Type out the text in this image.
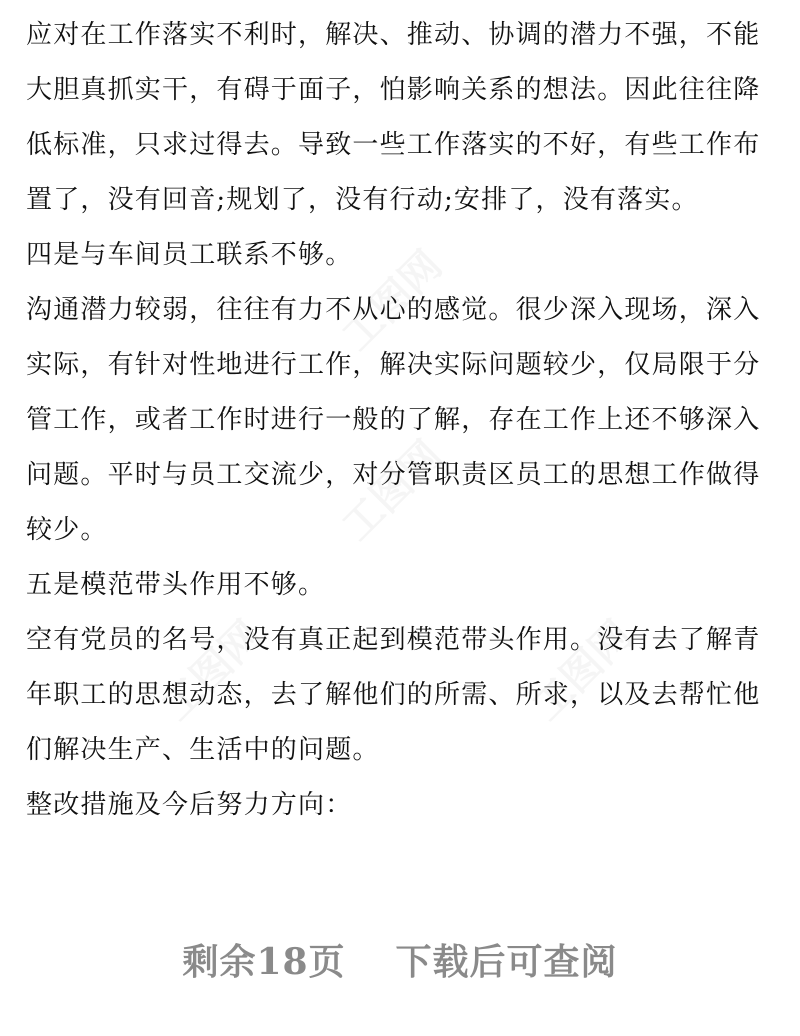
工图网
工图网
工图网	工图网
应对在工作落实不利时，解决、推动、协调的潜力不强，不能
大胆真抓实干，有碍于面子，怕影响关系的想法。因此往往降
低标准，只求过得去。导致一些工作落实的不好，有些工作布
置了，没有回音;规划了，没有行动;安排了，没有落实。
四是与车间员工联系不够。
沟通潜力较弱，往往有力不从心的感觉。很少深入现场，深入
实际，有针对性地进行工作，解决实际问题较少，仅局限于分
管工作，或者工作时进行一般的了解，存在工作上还不够深入
问题。平时与员工交流少，对分管职责区员工的思想工作做得
较少。
五是模范带头作用不够。
空有党员的名号，没有真正起到模范带头作用。没有去了解青
年职工的思想动态，去了解他们的所需、所求，以及去帮忙他
们解决生产、生活中的问题。
整改措施及今后努力方向：
剩余18页 下载后可查阅
